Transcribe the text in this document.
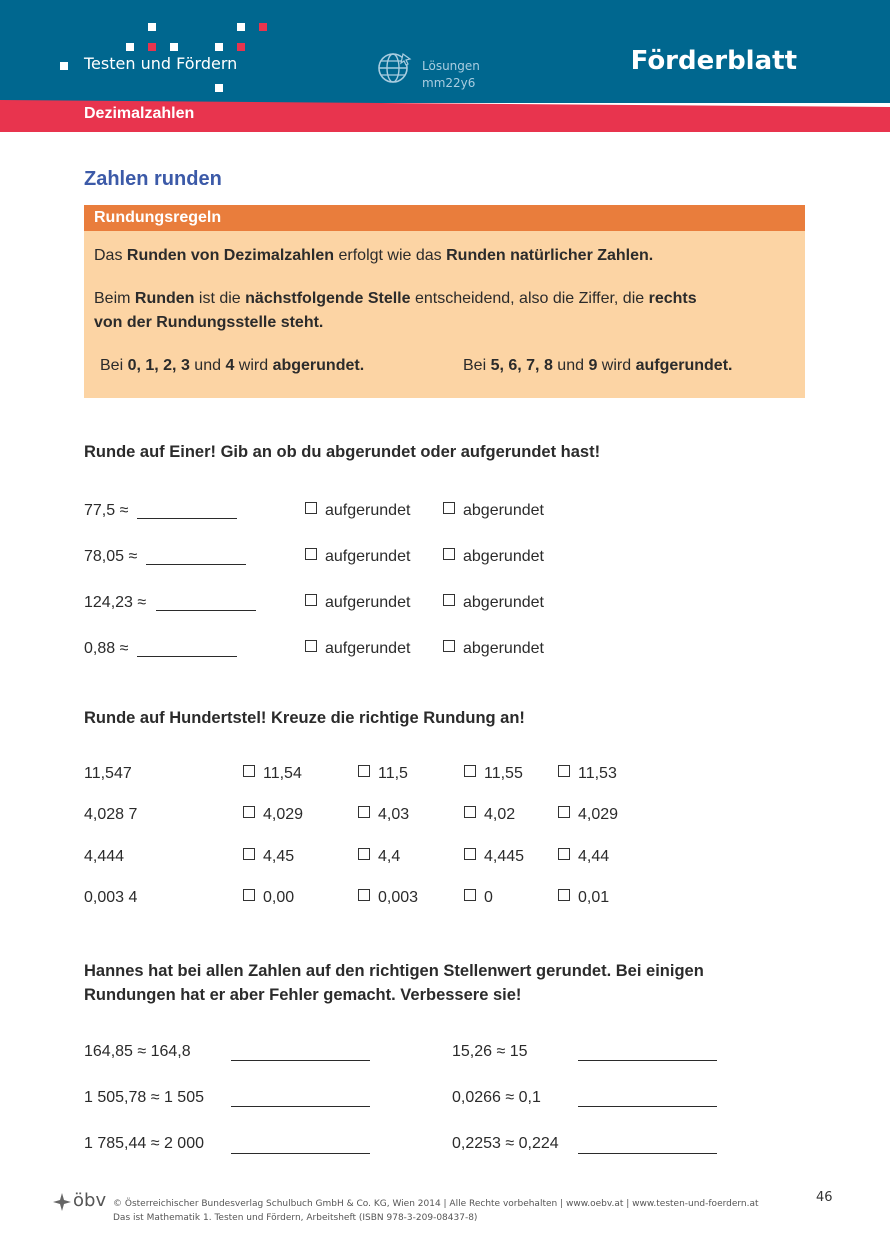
Testen und Fördern	Lösungen
mm22y6
Förderblatt
Dezimalzahlen
Zahlen runden
Rundungsregeln
Das Runden von Dezimalzahlen erfolgt wie das Runden natürlicher Zahlen.
Beim Runden ist die nächstfolgende Stelle entscheidend, also die Ziffer, die rechts
von der Rundungsstelle steht.
Bei 0, 1, 2, 3 und 4 wird abgerundet.	Bei 5, 6, 7, 8 und 9 wird aufgerundet.
Runde auf Einer! Gib an ob du abgerundet oder aufgerundet hast!
77,5 ≈	aufgerundet	abgerundet
78,05 ≈	aufgerundet	abgerundet
124,23 ≈	aufgerundet	abgerundet
0,88 ≈	aufgerundet	abgerundet
Runde auf Hundertstel! Kreuze die richtige Rundung an!
11,547	11,54	11,5	11,55	11,53
4,028 7	4,029	4,03	4,02	4,029
4,444	4,45	4,4	4,445	4,44
0,003 4	0,00	0,003	0	0,01
Hannes hat bei allen Zahlen auf den richtigen Stellenwert gerundet. Bei einigen
Rundungen hat er aber Fehler gemacht. Verbessere sie!
164,85 ≈ 164,8	15,26 ≈ 15
1 505,78 ≈ 1 505	0,0266 ≈ 0,1
1 785,44 ≈ 2 000	0,2253 ≈ 0,224
öbv © Österreichischer Bundesverlag Schulbuch GmbH & Co. KG, Wien 2014 | Alle Rechte vorbehalten | www.oebv.at | www.testen-und-foerdern.at
Das ist Mathematik 1. Testen und Fördern, Arbeitsheft (ISBN 978-3-209-08437-8)
46
